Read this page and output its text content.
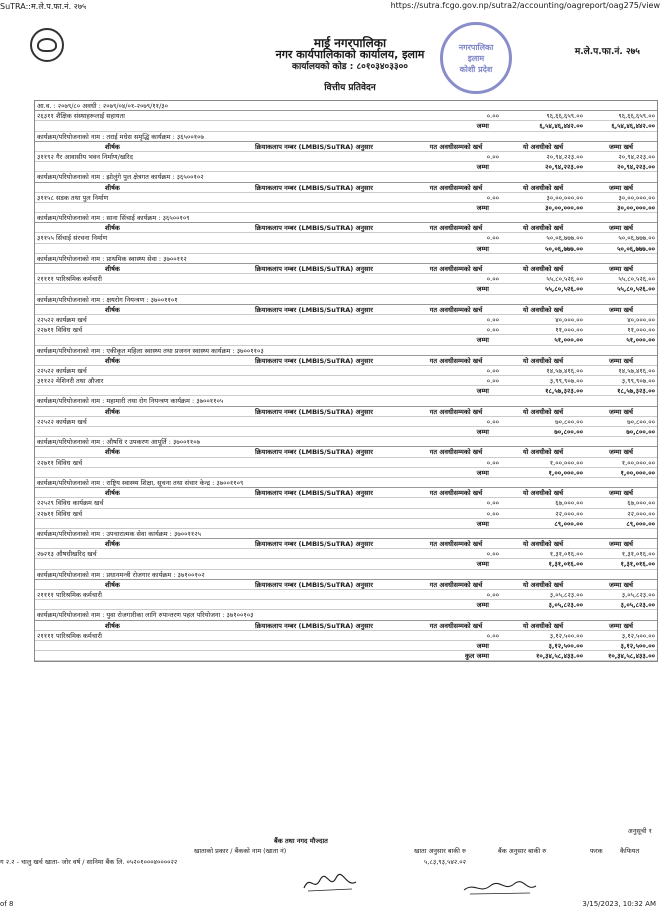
SuTRA::म.ले.प.फा.नं. २७५	https://sutra.fcgo.gov.np/sutra2/accounting/oagreport/oag275/view
नगरपालिका
इलाम
कोशी प्रदेश
माई नगरपालिका
नगर कार्यपालिकाको कार्यालय, इलाम
कार्यालयको कोड : ८०१०३४०३३००
वित्तीय प्रतिवेदन
म.ले.प.फा.नं. २७५
आ.व. : २०७९/८० अवधी : २०७९/०४/०१-२०७९/११/३०
२६३११ शैक्षिक संस्थाहरूलाई सहायता	०.००	९६,६६,६५९.००	९६,६६,६५९.००
जम्मा	६,५४,४६,४४२.००	६,५४,४६,४४२.००
कार्यक्रम/परियोजनाको नाम : तराई मधेस समृद्धि कार्यक्रम : ३६५००१०७
शीर्षक	क्रियाकलाप नम्बर (LMBIS/SuTRA) अनुसार	गत अवधीसम्मको खर्च	यो अवधीको खर्च	जम्मा खर्च
३११९२ गैर आवासीय भवन निर्माण/खरिद	०.००	२०,९४,२२३.००	२०,९४,२२३.००
जम्मा	२०,९४,२२३.००	२०,९४,२२३.००
कार्यक्रम/परियोजनाको नाम : झोलुंगे पुल क्षेत्रगत कार्यक्रम : ३६५००१०२
शीर्षक	क्रियाकलाप नम्बर (LMBIS/SuTRA) अनुसार	गत अवधीसम्मको खर्च	यो अवधीको खर्च	जम्मा खर्च
३११५८ सडक तथा पुल निर्माण	०.००	३०,००,०००.००	३०,००,०००.००
जम्मा	३०,००,०००.००	३०,००,०००.००
कार्यक्रम/परियोजनाको नाम : साना सिंचाई कार्यक्रम : ३६५००१०९
शीर्षक	क्रियाकलाप नम्बर (LMBIS/SuTRA) अनुसार	गत अवधीसम्मको खर्च	यो अवधीको खर्च	जम्मा खर्च
३११५५ सिंचाई संरचना निर्माण	०.००	५०,०६,७७७.००	५०,०६,७७७.००
जम्मा	५०,०६,७७७.००	५०,०६,७७७.००
कार्यक्रम/परियोजनाको नाम : प्राथमिक स्वास्थ्य सेवा : ३७००११२
शीर्षक	क्रियाकलाप नम्बर (LMBIS/SuTRA) अनुसार	गत अवधीसम्मको खर्च	यो अवधीको खर्च	जम्मा खर्च
२११११ पारिश्रमिक कर्मचारी	०.००	५५,८०,५२६.००	५५,८०,५२६.००
जम्मा	५५,८०,५२६.००	५५,८०,५२६.००
कार्यक्रम/परियोजनाको नाम : क्षयरोग नियन्त्रण : ३७००११०१
शीर्षक	क्रियाकलाप नम्बर (LMBIS/SuTRA) अनुसार	गत अवधीसम्मको खर्च	यो अवधीको खर्च	जम्मा खर्च
२२५२२ कार्यक्रम खर्च	०.००	४०,०००.००	४०,०००.००
२२७११ विविध खर्च	०.००	११,०००.००	११,०००.००
जम्मा	५१,०००.००	५१,०००.००
कार्यक्रम/परियोजनाको नाम : एकीकृत महिला स्वास्थ्य तथा प्रजनन स्वास्थ्य कार्यक्रम : ३७००११०३
शीर्षक	क्रियाकलाप नम्बर (LMBIS/SuTRA) अनुसार	गत अवधीसम्मको खर्च	यो अवधीको खर्च	जम्मा खर्च
२२५२२ कार्यक्रम खर्च	०.००	१४,५७,४१६.००	१४,५७,४१६.००
३११२२ मेशिनरी तथा औजार	०.००	३,९९,९०७.००	३,९९,९०७.००
जम्मा	१८,५७,३२३.००	१८,५७,३२३.००
कार्यक्रम/परियोजनाको नाम : महामारी तथा रोग नियन्त्रण कार्यक्रम : ३७००११०५
शीर्षक	क्रियाकलाप नम्बर (LMBIS/SuTRA) अनुसार	गत अवधीसम्मको खर्च	यो अवधीको खर्च	जम्मा खर्च
२२५२२ कार्यक्रम खर्च	०.००	७०,८००.००	७०,८००.००
जम्मा	७०,८००.००	७०,८००.००
कार्यक्रम/परियोजनाको नाम : औषधि र उपकरण आपूर्ति : ३७००११०७
शीर्षक	क्रियाकलाप नम्बर (LMBIS/SuTRA) अनुसार	गत अवधीसम्मको खर्च	यो अवधीको खर्च	जम्मा खर्च
२२७११ विविध खर्च	०.००	१,००,०००.००	१,००,०००.००
जम्मा	१,००,०००.००	१,००,०००.००
कार्यक्रम/परियोजनाको नाम : राष्ट्रिय स्वास्थ्य शिक्षा, सूचना तथा संचार केन्द्र : ३७००११०९
शीर्षक	क्रियाकलाप नम्बर (LMBIS/SuTRA) अनुसार	गत अवधीसम्मको खर्च	यो अवधीको खर्च	जम्मा खर्च
२२५२९ विविध कार्यक्रम खर्च	०.००	६७,०००.००	६७,०००.००
२२७११ विविध खर्च	०.००	२२,०००.००	२२,०००.००
जम्मा	८९,०००.००	८९,०००.००
कार्यक्रम/परियोजनाको नाम : उपचारात्मक सेवा कार्यक्रम : ३७००११२५
शीर्षक	क्रियाकलाप नम्बर (LMBIS/SuTRA) अनुसार	गत अवधीसम्मको खर्च	यो अवधीको खर्च	जम्मा खर्च
२७२१३ औषधीखरिद खर्च	०.००	१,३१,०१६.००	१,३१,०१६.००
जम्मा	१,३१,०१६.००	१,३१,०१६.००
कार्यक्रम/परियोजनाको नाम : प्रधानमन्त्री रोजगार कार्यक्रम : ३७१००१०२
शीर्षक	क्रियाकलाप नम्बर (LMBIS/SuTRA) अनुसार	गत अवधीसम्मको खर्च	यो अवधीको खर्च	जम्मा खर्च
२११११ पारिश्रमिक कर्मचारी	०.००	३,०५,८२३.००	३,०५,८२३.००
जम्मा	३,०५,८२३.००	३,०५,८२३.००
कार्यक्रम/परियोजनाको नाम : युवा रोजगारीका लागि रुपान्तरण पहल परियोजना : ३७१००१०३
शीर्षक	क्रियाकलाप नम्बर (LMBIS/SuTRA) अनुसार	गत अवधीसम्मको खर्च	यो अवधीको खर्च	जम्मा खर्च
२११११ पारिश्रमिक कर्मचारी	०.००	३,१२,५००.००	३,१२,५००.००
जम्मा	३,१२,५००.००	३,१२,५००.००
कुल जम्मा	१०,३४,५८,४३३.००	१०,३४,५८,४३३.००
अनुसूची १
बैंक तथा नगद मौज्दात
खाताको प्रकार / बैंकको नाम (खाता नं)	खाता अनुसार बाकी रु	बैंक अनुसार बाकी रु	फरक	कैफियत
ग २.२ - चालु खर्च खाता- जोर वर्ष / सानिमा बैंक लि. ०५२०१०००४००००२२	५,८३,९३,५४२.०२
of 8	3/15/2023, 10:32 AM
